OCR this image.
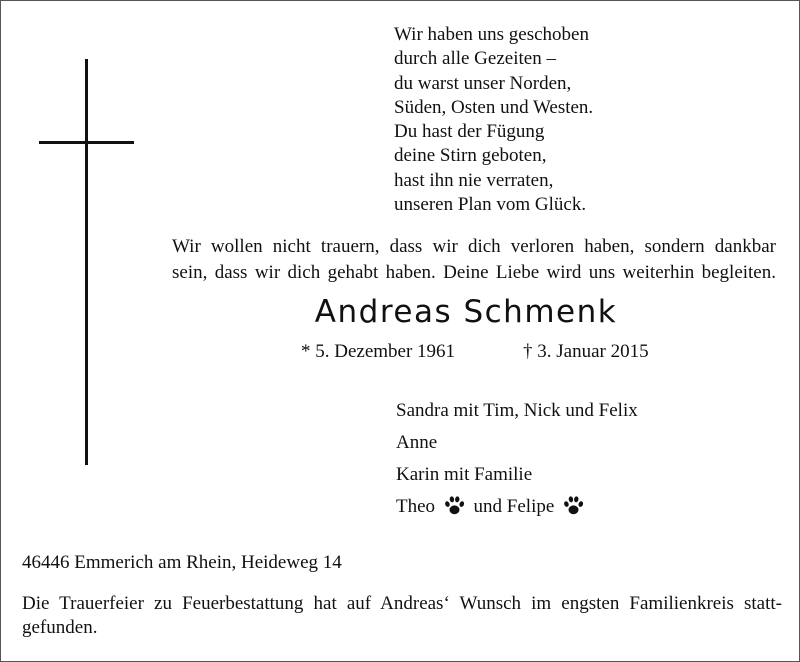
Wir haben uns geschoben
durch alle Gezeiten –
du warst unser Norden,
Süden, Osten und Westen.
Du hast der Fügung
deine Stirn geboten,
hast ihn nie verraten,
unseren Plan vom Glück.
Wir wollen nicht trauern, dass wir dich verloren haben, sondern dankbar
sein, dass wir dich gehabt haben. Deine Liebe wird uns weiterhin begleiten.
Andreas Schmenk
* 5. Dezember 1961	† 3. Januar 2015
Sandra mit Tim, Nick und Felix
Anne
Karin mit Familie
Theo und Felipe
46446 Emmerich am Rhein, Heideweg 14
Die Trauerfeier zu Feuerbestattung hat auf Andreas‘ Wunsch im engsten Familienkreis statt-
gefunden.
